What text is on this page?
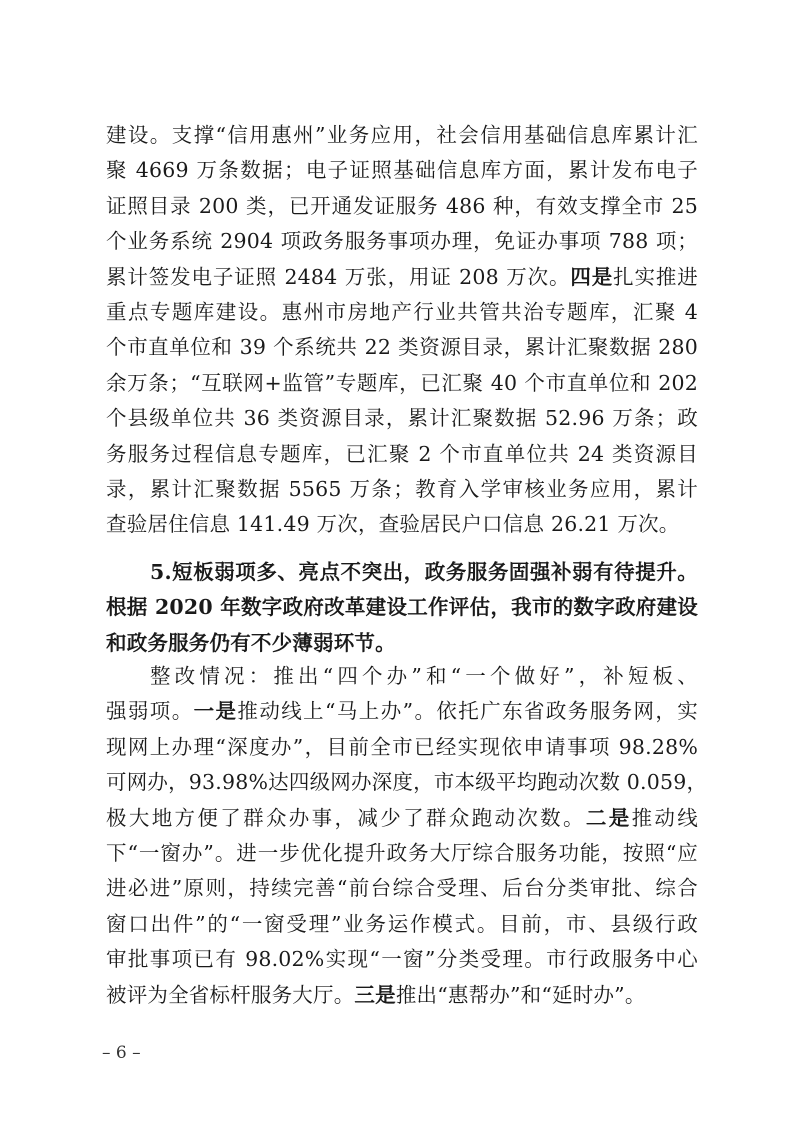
建设。支撑“信用惠州”业务应用，社会信用基础信息库累计汇
聚 4669 万条数据；电子证照基础信息库方面，累计发布电子
证照目录 200 类，已开通发证服务 486 种，有效支撑全市 25
个业务系统 2904 项政务服务事项办理，免证办事项 788 项；
累计签发电子证照 2484 万张，用证 208 万次。四是扎实推进
重点专题库建设。惠州市房地产行业共管共治专题库，汇聚 4
个市直单位和 39 个系统共 22 类资源目录，累计汇聚数据 280
余万条；“互联网+监管”专题库，已汇聚 40 个市直单位和 202
个县级单位共 36 类资源目录，累计汇聚数据 52.96 万条；政
务服务过程信息专题库，已汇聚 2 个市直单位共 24 类资源目
录，累计汇聚数据 5565 万条；教育入学审核业务应用，累计
查验居住信息 141.49 万次，查验居民户口信息 26.21 万次。
5.短板弱项多、亮点不突出，政务服务固强补弱有待提升。
根据 2020 年数字政府改革建设工作评估，我市的数字政府建设
和政务服务仍有不少薄弱环节。
整改情况：推出“四个办”和“一个做好”，补短板、
强弱项。一是推动线上“马上办”。依托广东省政务服务网，实
现网上办理“深度办”，目前全市已经实现依申请事项 98.28%
可网办，93.98%达四级网办深度，市本级平均跑动次数 0.059，
极大地方便了群众办事，减少了群众跑动次数。二是推动线
下“一窗办”。进一步优化提升政务大厅综合服务功能，按照“应
进必进”原则，持续完善“前台综合受理、后台分类审批、综合
窗口出件”的“一窗受理”业务运作模式。目前，市、县级行政
审批事项已有 98.02%实现“一窗”分类受理。市行政服务中心
被评为全省标杆服务大厅。三是推出“惠帮办”和“延时办”。
– 6 –
